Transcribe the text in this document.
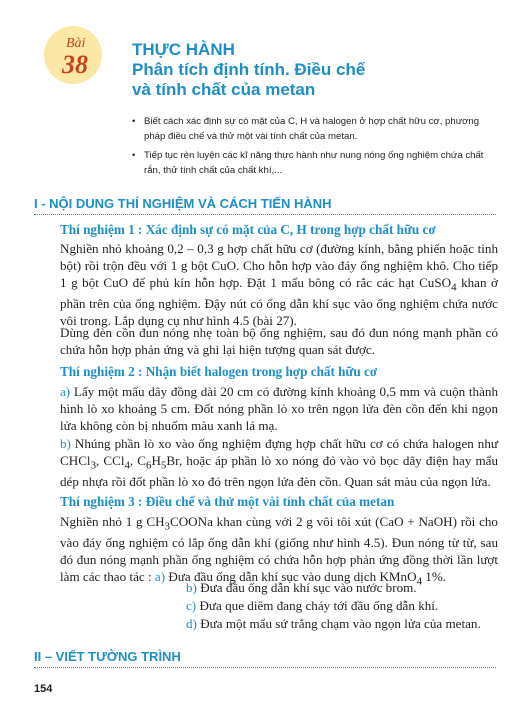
Bài
38
THỰC HÀNH
Phân tích định tính. Điều chế
và tính chất của metan
• Biết cách xác định sự có mặt của C, H và halogen ở hợp chất hữu cơ, phương pháp điều chế và thử một vài tính chất của metan.
• Tiếp tục rèn luyện các kĩ năng thực hành như nung nóng ống nghiệm chứa chất rắn, thử tính chất của chất khí,...
I - NỘI DUNG THÍ NGHIỆM VÀ CÁCH TIẾN HÀNH
Thí nghiệm 1 : Xác định sự có mặt của C, H trong hợp chất hữu cơ
Nghiền nhỏ khoảng 0,2 – 0,3 g hợp chất hữu cơ (đường kính, bằng phiến hoặc tinh bột) rồi trộn đều với 1 g bột CuO. Cho hỗn hợp vào đáy ống nghiệm khô. Cho tiếp 1 g bột CuO để phủ kín hỗn hợp. Đặt 1 mẩu bông có rắc các hạt CuSO$_4$ khan ở phần trên của ống nghiệm. Đậy nút có ống dẫn khí sục vào ống nghiệm chứa nước vôi trong. Lắp dụng cụ như hình 4.5 (bài 27).
Dùng đèn cồn đun nóng nhẹ toàn bộ ống nghiệm, sau đó đun nóng mạnh phần có chứa hỗn hợp phản ứng và ghi lại hiện tượng quan sát được.
Thí nghiệm 2 : Nhận biết halogen trong hợp chất hữu cơ
a) Lấy một mẩu dây đồng dài 20 cm có đường kính khoảng 0,5 mm và cuộn thành hình lò xo khoảng 5 cm. Đốt nóng phần lò xo trên ngọn lửa đèn cồn đến khi ngọn lửa không còn bị nhuốm màu xanh lá mạ.
b) Nhúng phần lò xo vào ống nghiệm đựng hợp chất hữu cơ có chứa halogen như CHCl$_3$, CCl$_4$, $C_6H_5Br$, hoặc áp phần lò xo nóng đỏ vào vỏ bọc dây điện hay mẩu dép nhựa rồi đốt phần lò xo đó trên ngọn lửa đèn cồn. Quan sát màu của ngọn lửa.
Thí nghiệm 3 : Điều chế và thử một vài tính chất của metan
Nghiền nhỏ 1 g $CH_3COONa$ khan cùng với 2 g vôi tôi xút (CaO + NaOH) rồi cho vào đáy ống nghiệm có lắp ống dẫn khí (giống như hình 4.5). Đun nóng từ từ, sau đó đun nóng mạnh phần ống nghiệm có chứa hỗn hợp phản ứng đồng thời lần lượt làm các thao tác : a) Đưa đầu ống dẫn khí sục vào dung dịch KMnO$_4$ 1%.
b) Đưa đầu ống dẫn khí sục vào nước brom.
c) Đưa que diêm đang cháy tới đầu ống dẫn khí.
d) Đưa một mẩu sứ trắng chạm vào ngọn lửa của metan.
II – VIẾT TƯỜNG TRÌNH
154
